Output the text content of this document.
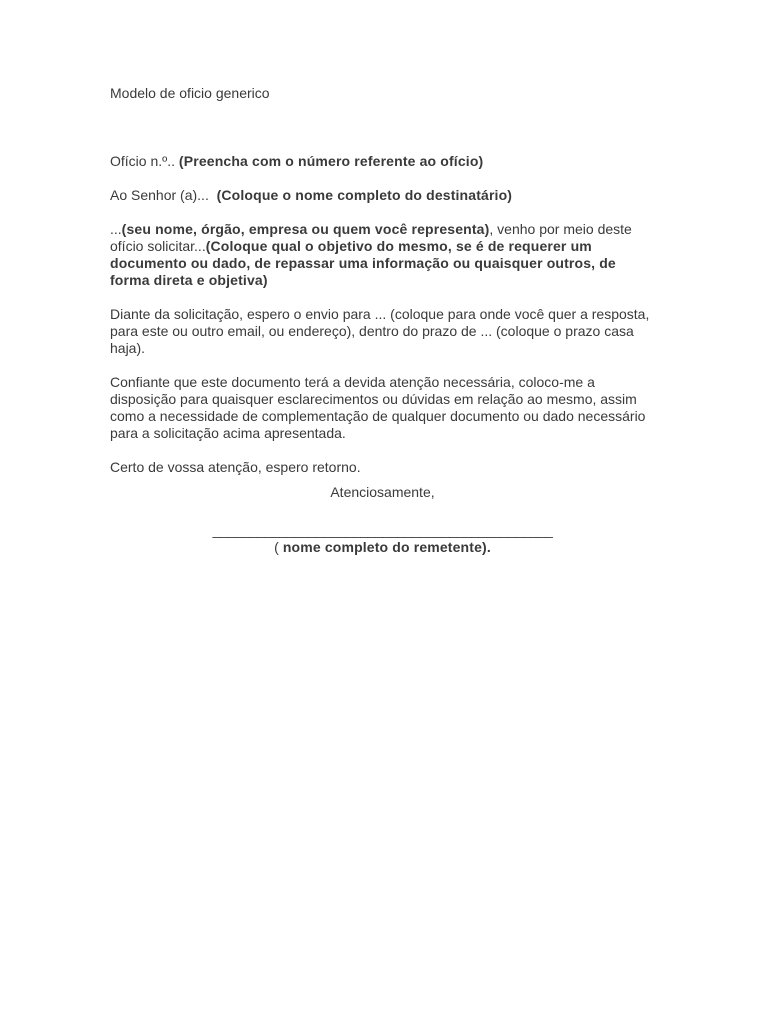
Modelo de oficio generico

Ofício n.º.. (Preencha com o número referente ao ofício)

Ao Senhor (a)... (Coloque o nome completo do destinatário)

...(seu nome, órgão, empresa ou quem você representa), venho por meio deste ofício solicitar...(Coloque qual o objetivo do mesmo, se é de requerer um documento ou dado, de repassar uma informação ou quaisquer outros, de forma direta e objetiva)

Diante da solicitação, espero o envio para ... (coloque para onde você quer a resposta, para este ou outro email, ou endereço), dentro do prazo de ... (coloque o prazo casa haja).

Confiante que este documento terá a devida atenção necessária, coloco-me a disposição para quaisquer esclarecimentos ou dúvidas em relação ao mesmo, assim como a necessidade de complementação de qualquer documento ou dado necessário para a solicitação acima apresentada.

Certo de vossa atenção, espero retorno.

Atenciosamente,

______________________________________________

( nome completo do remetente).
